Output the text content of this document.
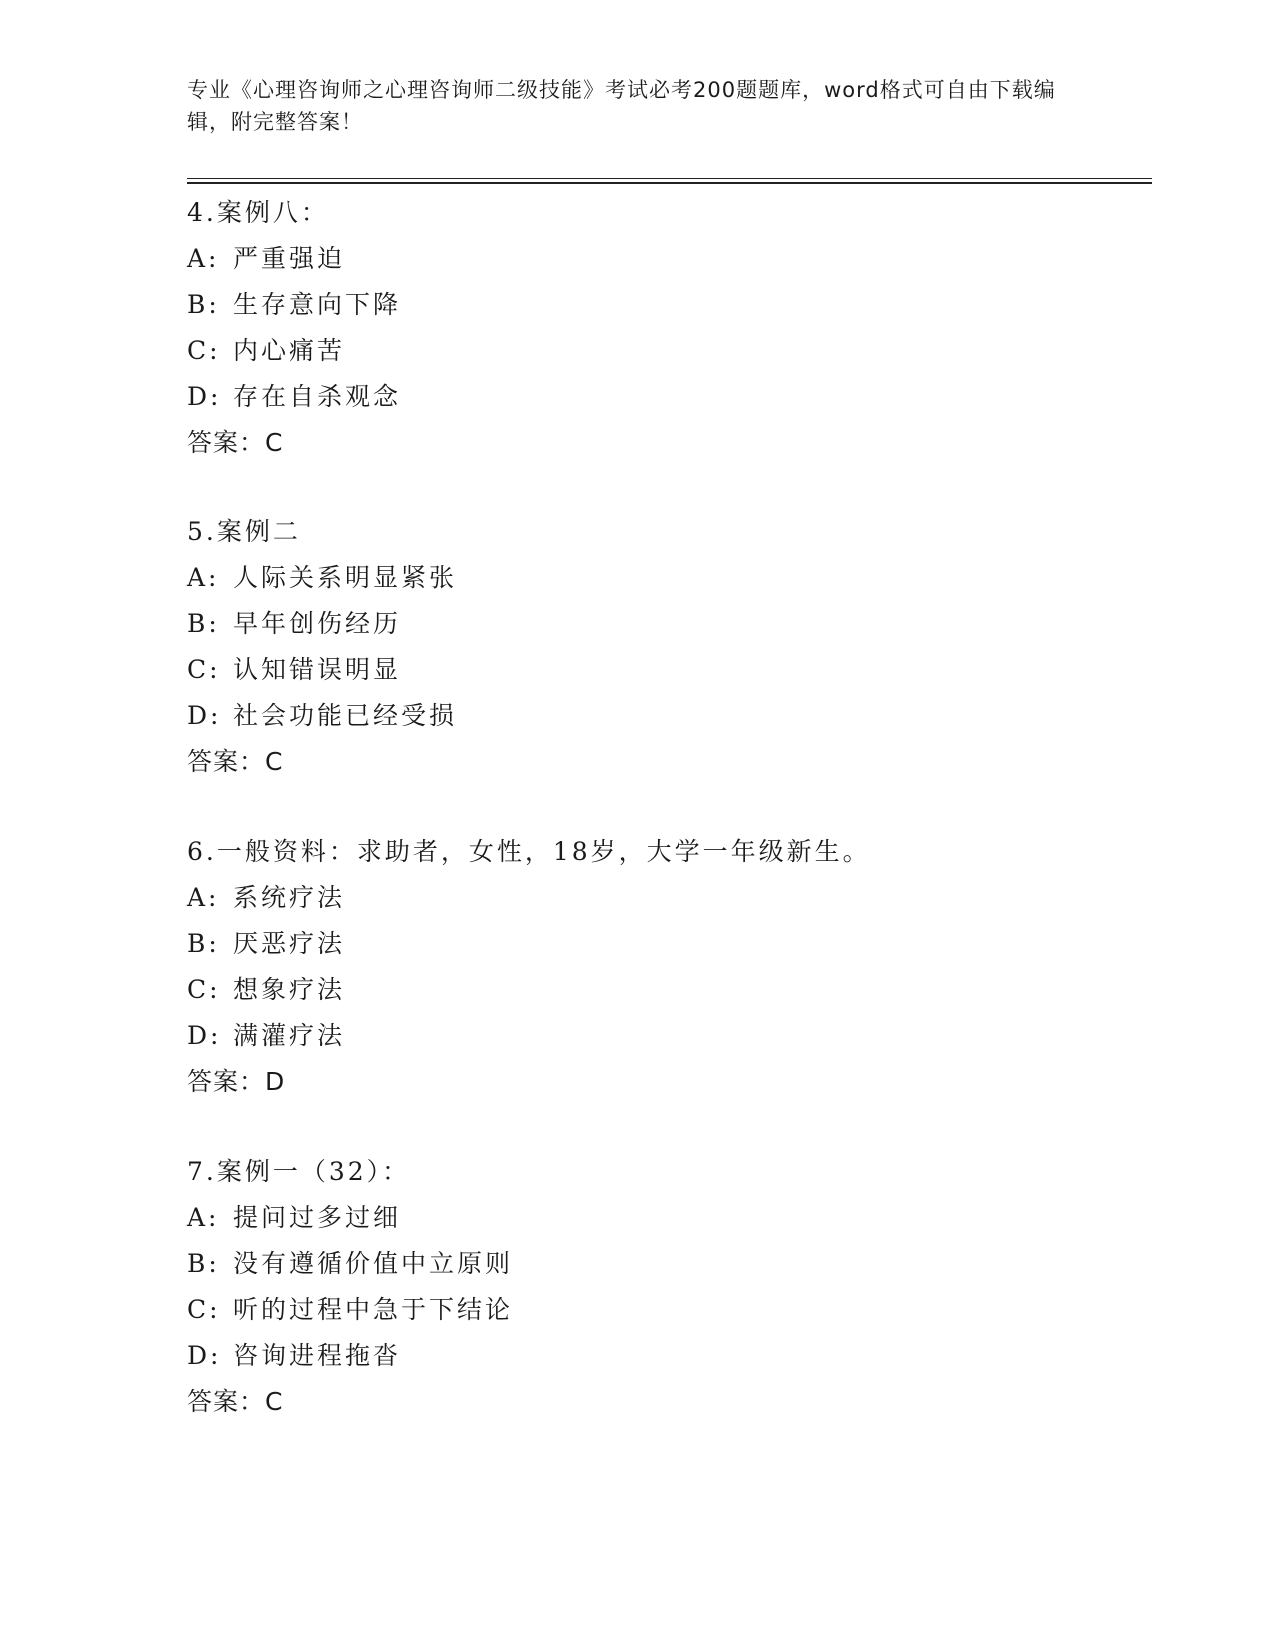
专业《心理咨询师之心理咨询师二级技能》考试必考200题题库，word格式可自由下载编辑，附完整答案！
4.案例八：
A: 严重强迫
B: 生存意向下降
C: 内心痛苦
D: 存在自杀观念
答案：C
5.案例二
A: 人际关系明显紧张
B: 早年创伤经历
C: 认知错误明显
D: 社会功能已经受损
答案：C
6.一般资料：求助者，女性，18岁，大学一年级新生。
A: 系统疗法
B: 厌恶疗法
C: 想象疗法
D: 满灌疗法
答案：D
7.案例一（32）：
A: 提问过多过细
B: 没有遵循价值中立原则
C: 听的过程中急于下结论
D: 咨询进程拖沓
答案：C
